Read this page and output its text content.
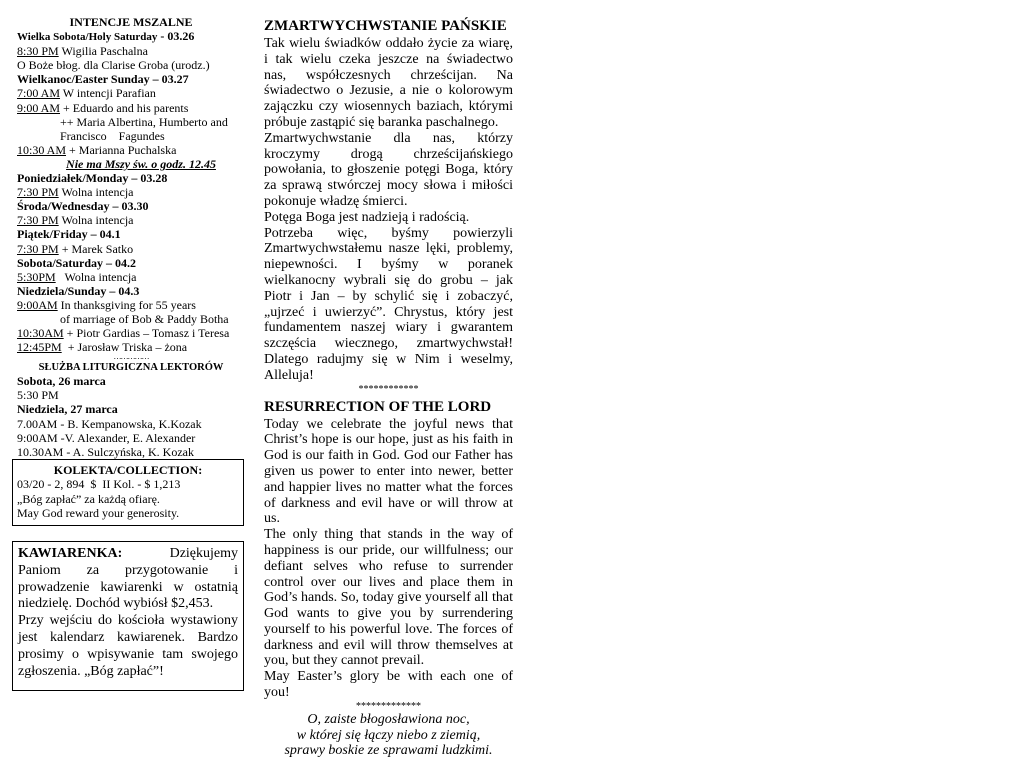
INTENCJE MSZALNE
Wielka Sobota/Holy Saturday - 03.26
8:30 PM Wigilia Paschalna
O Boże błog. dla Clarise Groba (urodz.)
Wielkanoc/Easter Sunday – 03.27
7:00 AM W intencji Parafian
9:00 AM + Eduardo and his parents
++ Maria Albertina, Humberto and
Francisco    Fagundes
10:30 AM + Marianna Puchalska
Nie ma Mszy św. o godz. 12.45
Poniedziałek/Monday – 03.28
7:30 PM Wolna intencja
Środa/Wednesday – 03.30
7:30 PM Wolna intencja
Piątek/Friday – 04.1
7:30 PM + Marek Satko
Sobota/Saturday – 04.2
5:30PM   Wolna intencja
Niedziela/Sunday – 04.3
9:00AM In thanksgiving for 55 years
of marriage of Bob & Paddy Botha
10:30AM + Piotr Gardias – Tomasz i Teresa
12:45PM  + Jarosław Triska – żona
……………
SŁUŻBA LITURGICZNA LEKTORÓW
Sobota, 26 marca
5:30 PM
Niedziela, 27 marca
7.00AM - B. Kempanowska, K.Kozak
9:00AM -V. Alexander, E. Alexander
10.30AM - A. Sulczyńska, K. Kozak
KOLEKTA/COLLECTION:
03/20 - 2, 894  $  II Kol. - $ 1,213
„Bóg zapłać” za każdą ofiarę.
May God reward your generosity.

KAWIARENKA: Dziękujemy Paniom za przygotowanie i prowadzenie kawiarenki w ostatnią niedzielę. Dochód wybiósł $2,453.

Przy wejściu do kościoła wystawiony jest kalendarz kawiarenek. Bardzo prosimy o wpisywanie tam swojego zgłoszenia. „Bóg zapłać”!

ZMARTWYCHWSTANIE PAŃSKIE

Tak wielu świadków oddało życie za wiarę, i tak wielu czeka jeszcze na świadectwo nas, współczesnych chrześcijan. Na świadectwo o Jezusie, a nie o kolorowym zajączku czy wiosennych baziach, którymi próbuje zastąpić się baranka paschalnego.

Zmartwychwstanie dla nas, którzy kroczymy drogą chrześcijańskiego powołania, to głoszenie potęgi Boga, który za sprawą stwórczej mocy słowa i miłości pokonuje władzę śmierci.

Potęga Boga jest nadzieją i radością.

Potrzeba więc, byśmy powierzyli Zmartwychwstałemu nasze lęki, problemy, niepewności. I byśmy w poranek wielkanocny wybrali się do grobu – jak Piotr i Jan – by schylić się i zobaczyć, „ujrzeć i uwierzyć”. Chrystus, który jest fundamentem naszej wiary i gwarantem szczęścia wiecznego, zmartwychwstał! Dlatego radujmy się w Nim i weselmy, Alleluja!

************
RESURRECTION OF THE LORD

Today we celebrate the joyful news that Christ’s hope is our hope, just as his faith in God is our faith in God. God our Father has given us power to enter into newer, better and happier lives no matter what the forces of darkness and evil have or will throw at us.

The only thing that stands in the way of happiness is our pride, our willfulness; our defiant selves who refuse to surrender control over our lives and place them in God’s hands. So, today give yourself all that God wants to give you by surrendering yourself to his powerful love. The forces of darkness and evil will throw themselves at you, but they cannot prevail.

May Easter’s glory be with each one of you!

*************
O, zaiste błogosławiona noc,
w której się łączy niebo z ziemią,
sprawy boskie ze sprawami ludzkimi.
